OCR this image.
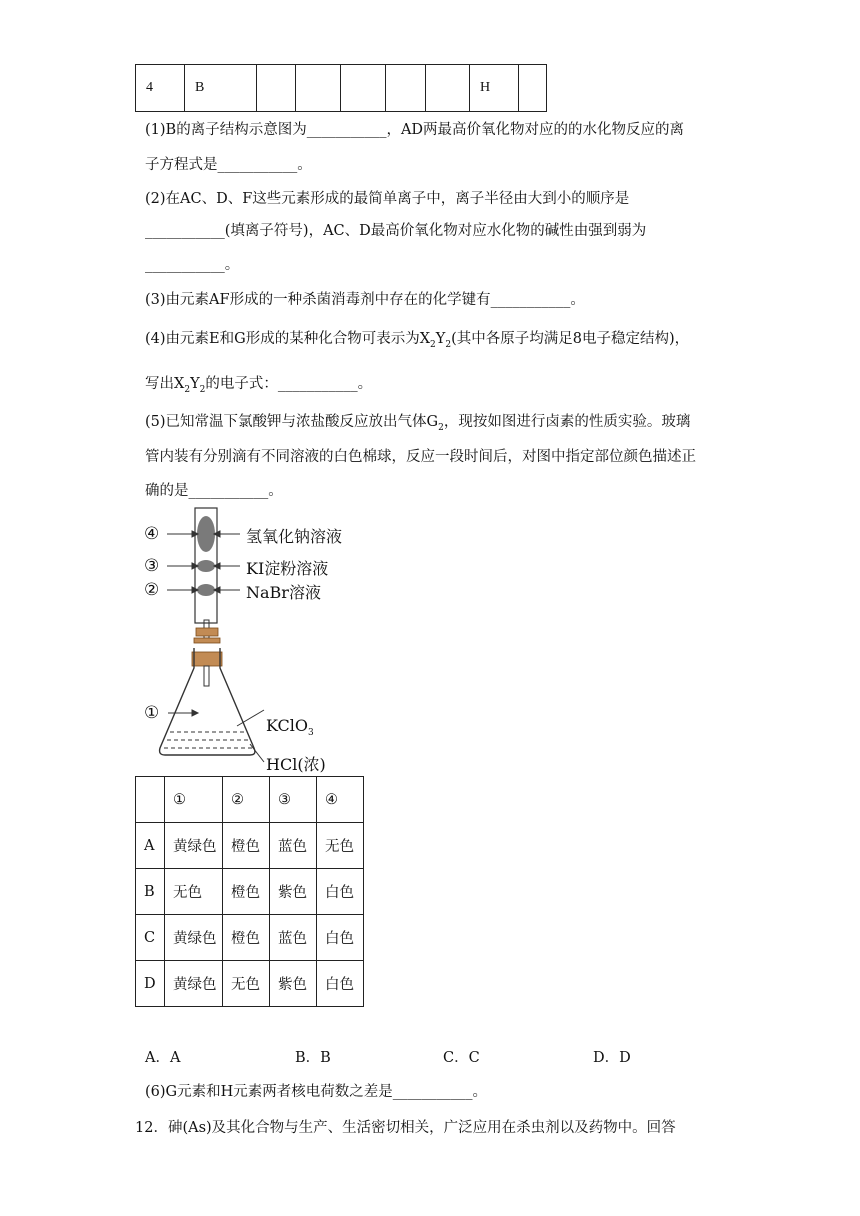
4	B						H	
(1)B的离子结构示意图为___________，AD两最高价氧化物对应的的水化物反应的离
子方程式是___________。
(2)在AC、D、F这些元素形成的最简单离子中，离子半径由大到小的顺序是
___________(填离子符号)，AC、D最高价氧化物对应水化物的碱性由强到弱为
___________。
(3)由元素AF形成的一种杀菌消毒剂中存在的化学键有___________。
(4)由元素E和G形成的某种化合物可表示为$X_2Y_2$(其中各原子均满足8电子稳定结构)，
写出$X_2Y_2$的电子式：___________。
(5)已知常温下氯酸钾与浓盐酸反应放出气体$G_2$，现按如图进行卤素的性质实验。玻璃
管内装有分别滴有不同溶液的白色棉球，反应一段时间后，对图中指定部位颜色描述正
确的是___________。
④
③
②
①
氢氧化钠溶液
KI淀粉溶液
NaBr溶液
KClO$_3$
HCl(浓)
	①	②	③	④
A	黄绿色	橙色	蓝色	无色
B	无色	橙色	紫色	白色
C	黄绿色	橙色	蓝色	白色
D	黄绿色	无色	紫色	白色
A．A	B．B	C．C	D．D
(6)G元素和H元素两者核电荷数之差是___________。
12．砷(As)及其化合物与生产、生活密切相关，广泛应用在杀虫剂以及药物中。回答
